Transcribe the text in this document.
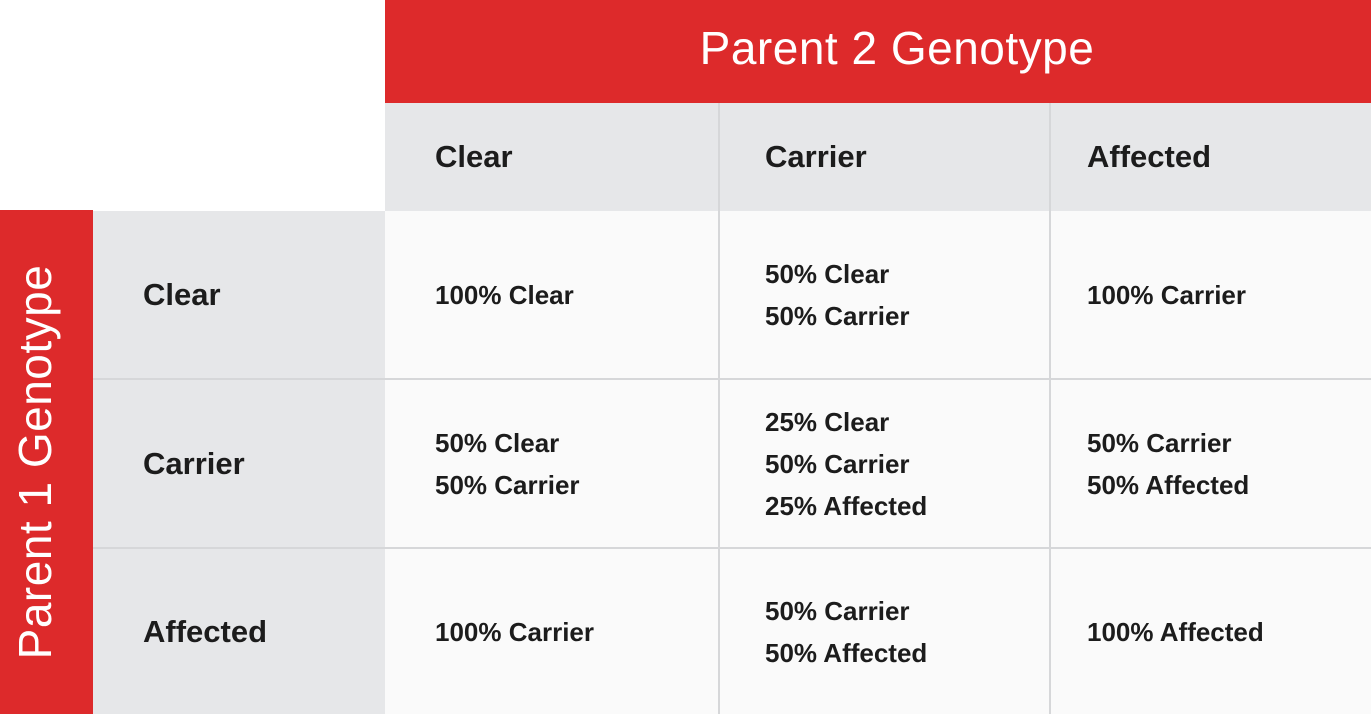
Parent 2 Genotype
Parent 1 Genotype
Clear	Carrier	Affected
Clear
Carrier
Affected
100% Clear
50% Clear
50% Carrier
100% Carrier
50% Clear
50% Carrier
25% Clear
50% Carrier
25% Affected
50% Carrier
50% Affected
100% Carrier
50% Carrier
50% Affected
100% Affected
